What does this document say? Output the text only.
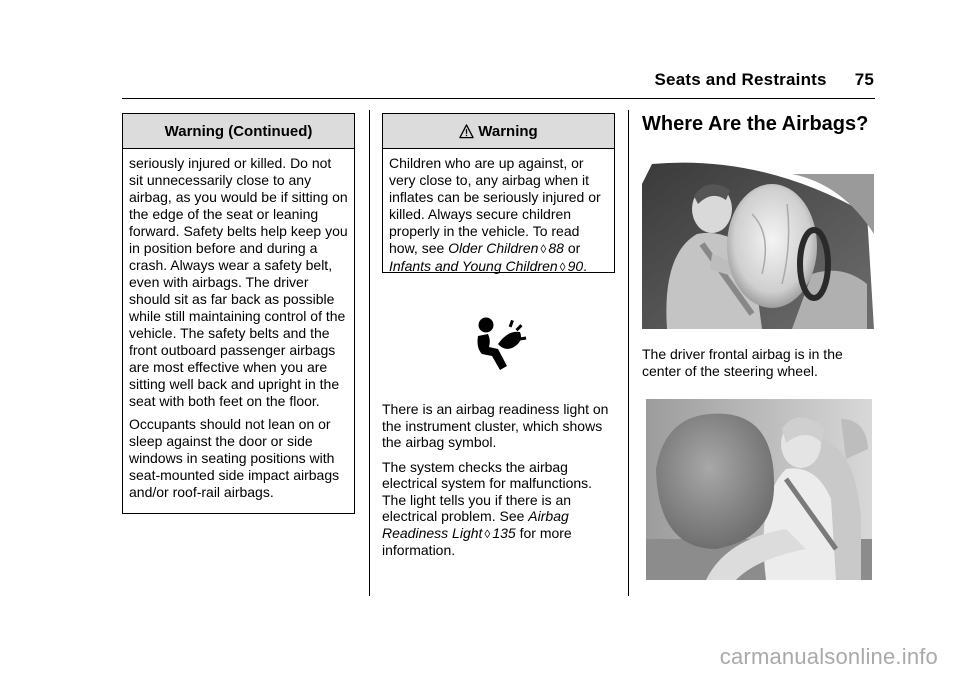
Seats and Restraints 75
Warning (Continued)

seriously injured or killed. Do not sit unnecessarily close to any airbag, as you would be if sitting on the edge of the seat or leaning forward. Safety belts help keep you in position before and during a crash. Always wear a safety belt, even with airbags. The driver should sit as far back as possible while still maintaining control of the vehicle. The safety belts and the front outboard passenger airbags are most effective when you are sitting well back and upright in the seat with both feet on the floor.

Occupants should not lean on or sleep against the door or side windows in seating positions with seat-mounted side impact airbags and/or roof-rail airbags.

Warning

Children who are up against, or very close to, any airbag when it inflates can be seriously injured or killed. Always secure children properly in the vehicle. To read how, see Older Children ◊ 88 or Infants and Young Children ◊ 90.

There is an airbag readiness light on the instrument cluster, which shows the airbag symbol.

The system checks the airbag electrical system for malfunctions. The light tells you if there is an electrical problem. See Airbag Readiness Light ◊ 135 for more information.

Where Are the Airbags?

The driver frontal airbag is in the center of the steering wheel.

carmanualsonline.info
